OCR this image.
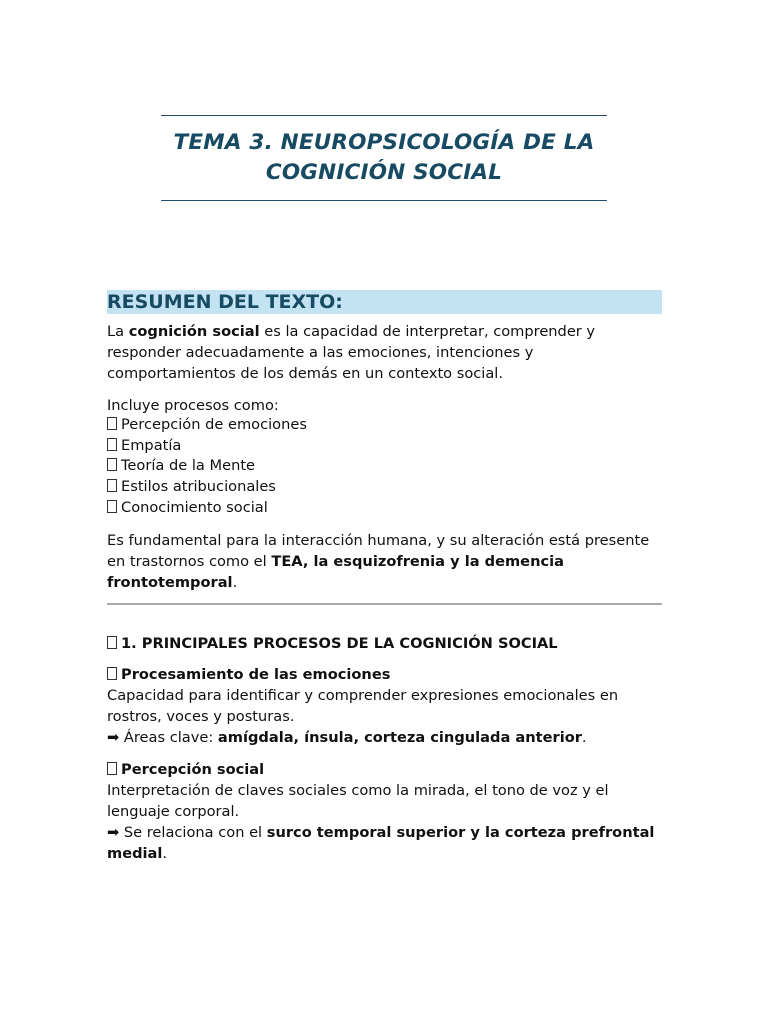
TEMA 3. NEUROPSICOLOGÍA DE LA
COGNICIÓN SOCIAL
RESUMEN DEL TEXTO:

La cognición social es la capacidad de interpretar, comprender y responder adecuadamente a las emociones, intenciones y comportamientos de los demás en un contexto social.

Incluye procesos como:

Percepción de emociones
Empatía
Teoría de la Mente
Estilos atribucionales
Conocimiento social

Es fundamental para la interacción humana, y su alteración está presente en trastornos como el TEA, la esquizofrenia y la demencia frontotemporal.

1. PRINCIPALES PROCESOS DE LA COGNICIÓN SOCIAL

Procesamiento de las emociones
Capacidad para identificar y comprender expresiones emocionales en rostros, voces y posturas.
➡ Áreas clave: amígdala, ínsula, corteza cingulada anterior.

Percepción social
Interpretación de claves sociales como la mirada, el tono de voz y el lenguaje corporal.
➡ Se relaciona con el surco temporal superior y la corteza prefrontal medial.
